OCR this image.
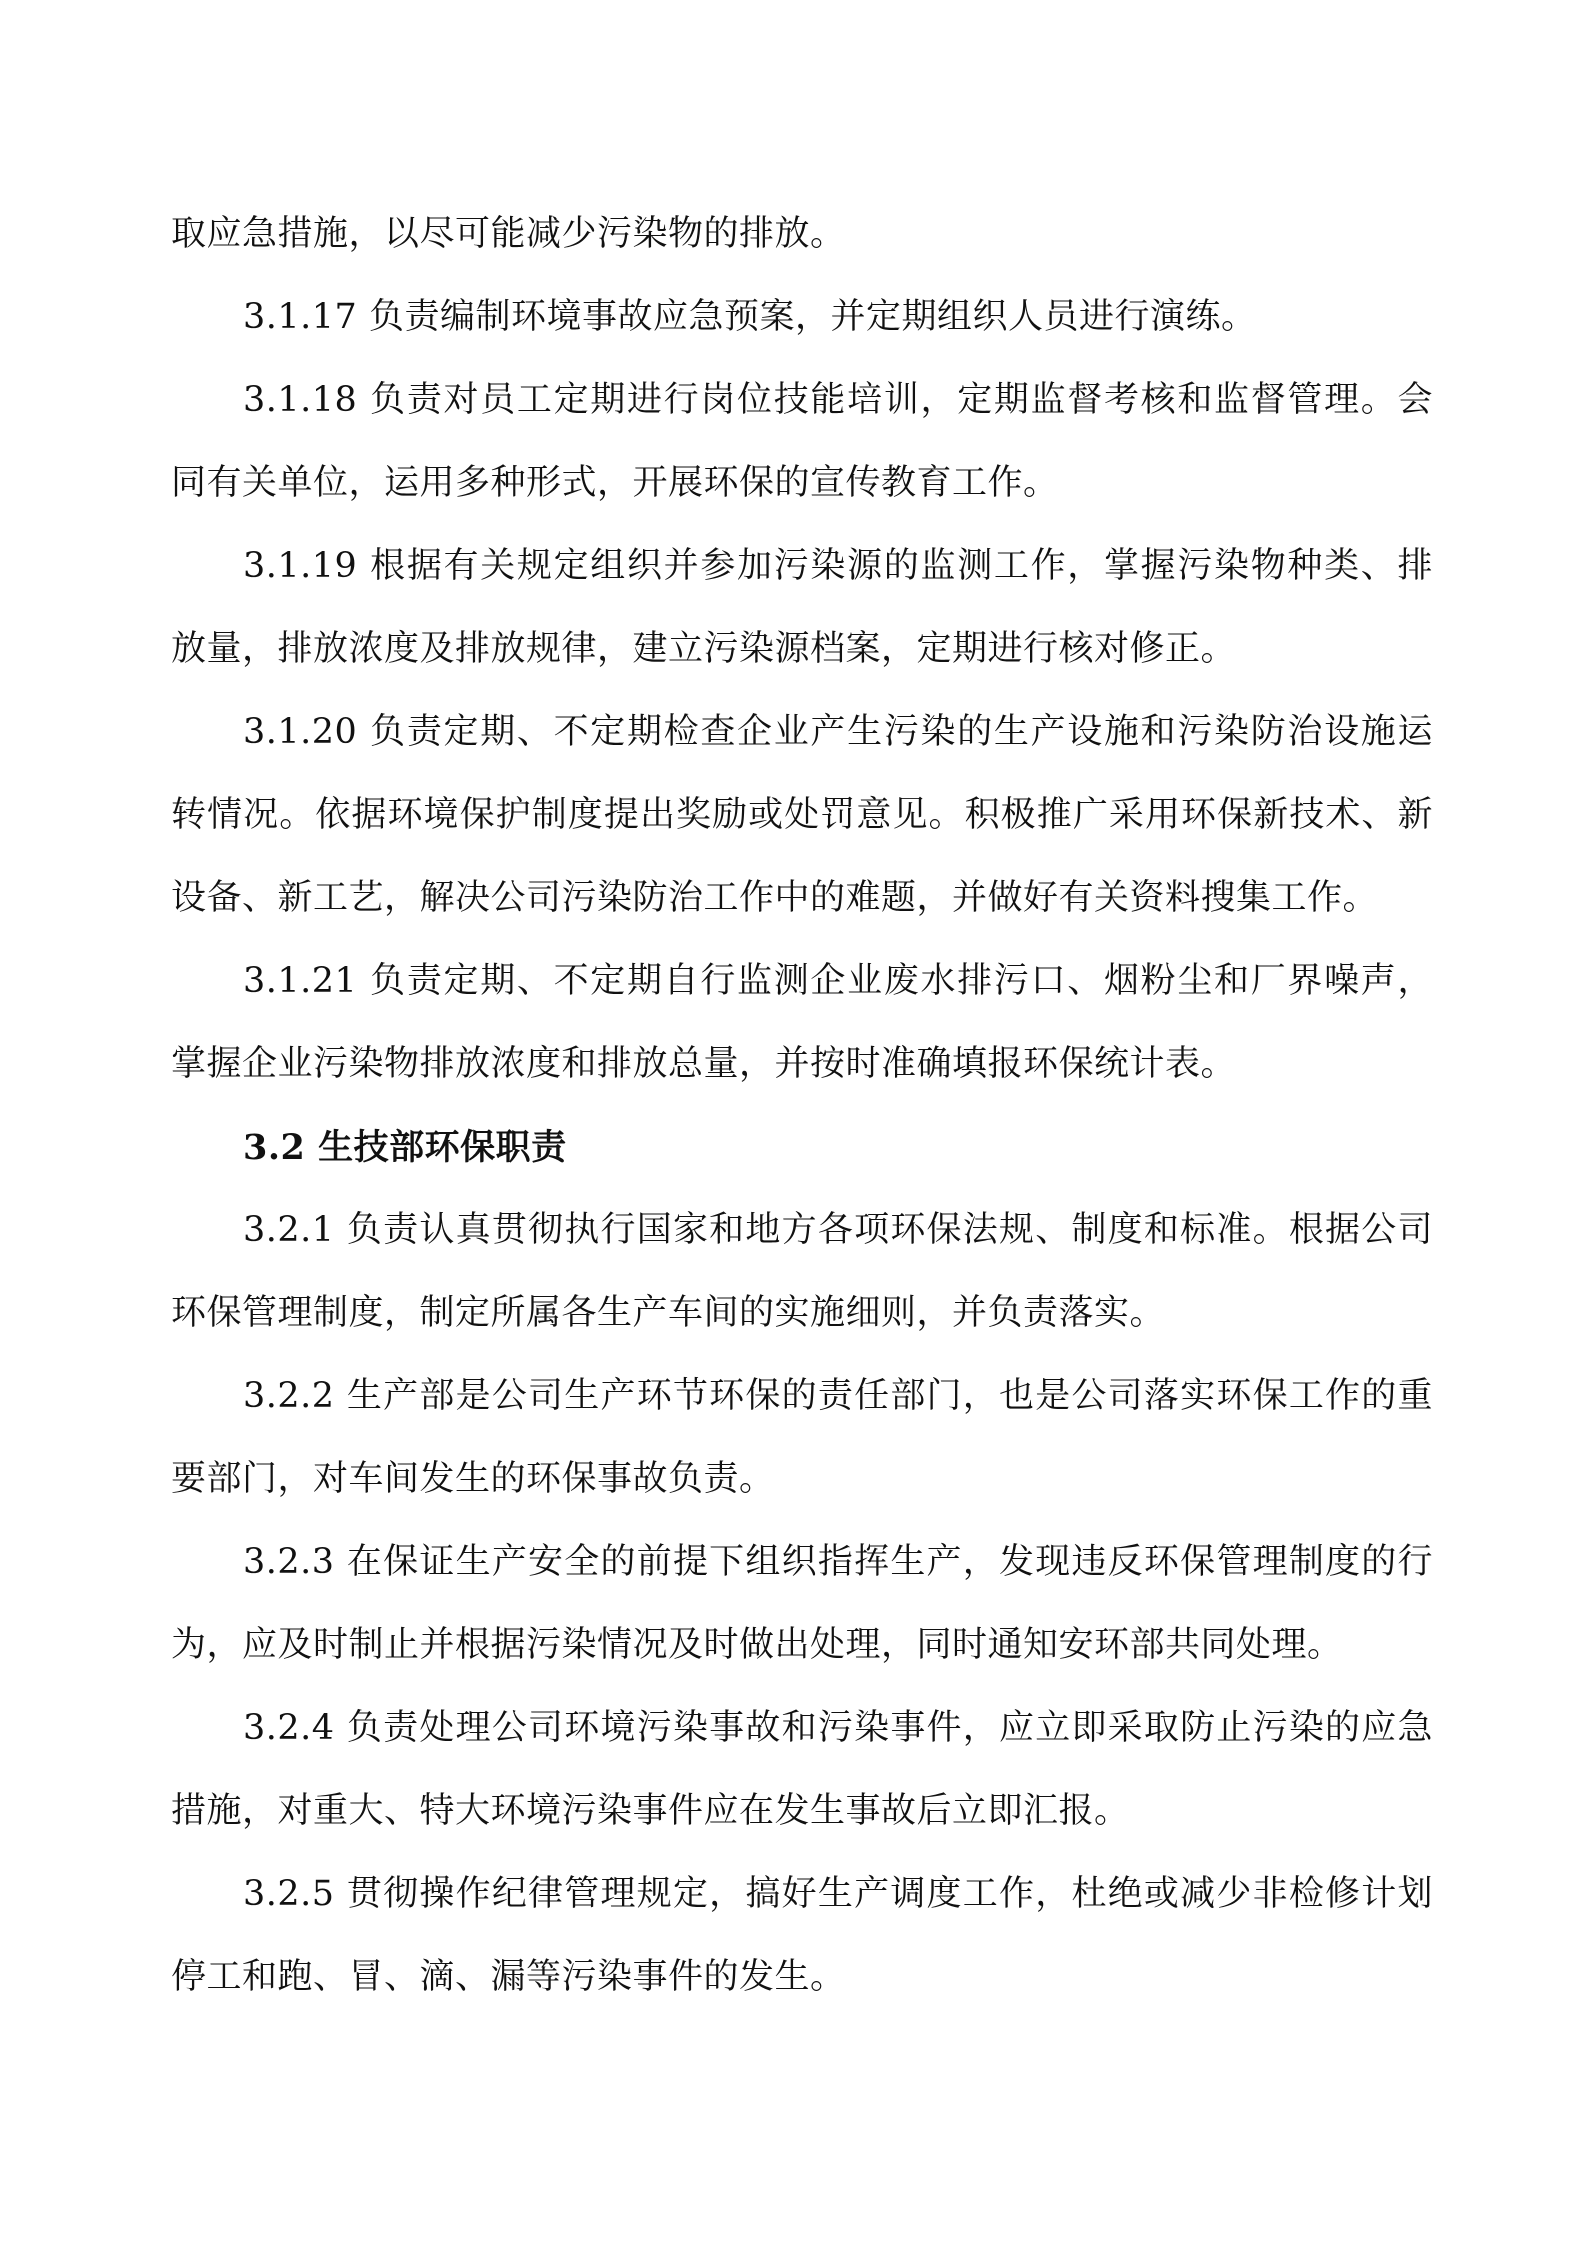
取应急措施，以尽可能减少污染物的排放。

3.1.17 负责编制环境事故应急预案，并定期组织人员进行演练。

3.1.18 负责对员工定期进行岗位技能培训，定期监督考核和监督管理。会同有关单位，运用多种形式，开展环保的宣传教育工作。

3.1.19 根据有关规定组织并参加污染源的监测工作，掌握污染物种类、排放量，排放浓度及排放规律，建立污染源档案，定期进行核对修正。

3.1.20 负责定期、不定期检查企业产生污染的生产设施和污染防治设施运转情况。依据环境保护制度提出奖励或处罚意见。积极推广采用环保新技术、新设备、新工艺，解决公司污染防治工作中的难题，并做好有关资料搜集工作。

3.1.21 负责定期、不定期自行监测企业废水排污口、烟粉尘和厂界噪声，掌握企业污染物排放浓度和排放总量，并按时准确填报环保统计表。

3.2 生技部环保职责

3.2.1 负责认真贯彻执行国家和地方各项环保法规、制度和标准。根据公司环保管理制度，制定所属各生产车间的实施细则，并负责落实。

3.2.2 生产部是公司生产环节环保的责任部门，也是公司落实环保工作的重要部门，对车间发生的环保事故负责。

3.2.3 在保证生产安全的前提下组织指挥生产，发现违反环保管理制度的行为，应及时制止并根据污染情况及时做出处理，同时通知安环部共同处理。

3.2.4 负责处理公司环境污染事故和污染事件，应立即采取防止污染的应急措施，对重大、特大环境污染事件应在发生事故后立即汇报。

3.2.5 贯彻操作纪律管理规定，搞好生产调度工作，杜绝或减少非检修计划停工和跑、冒、滴、漏等污染事件的发生。
